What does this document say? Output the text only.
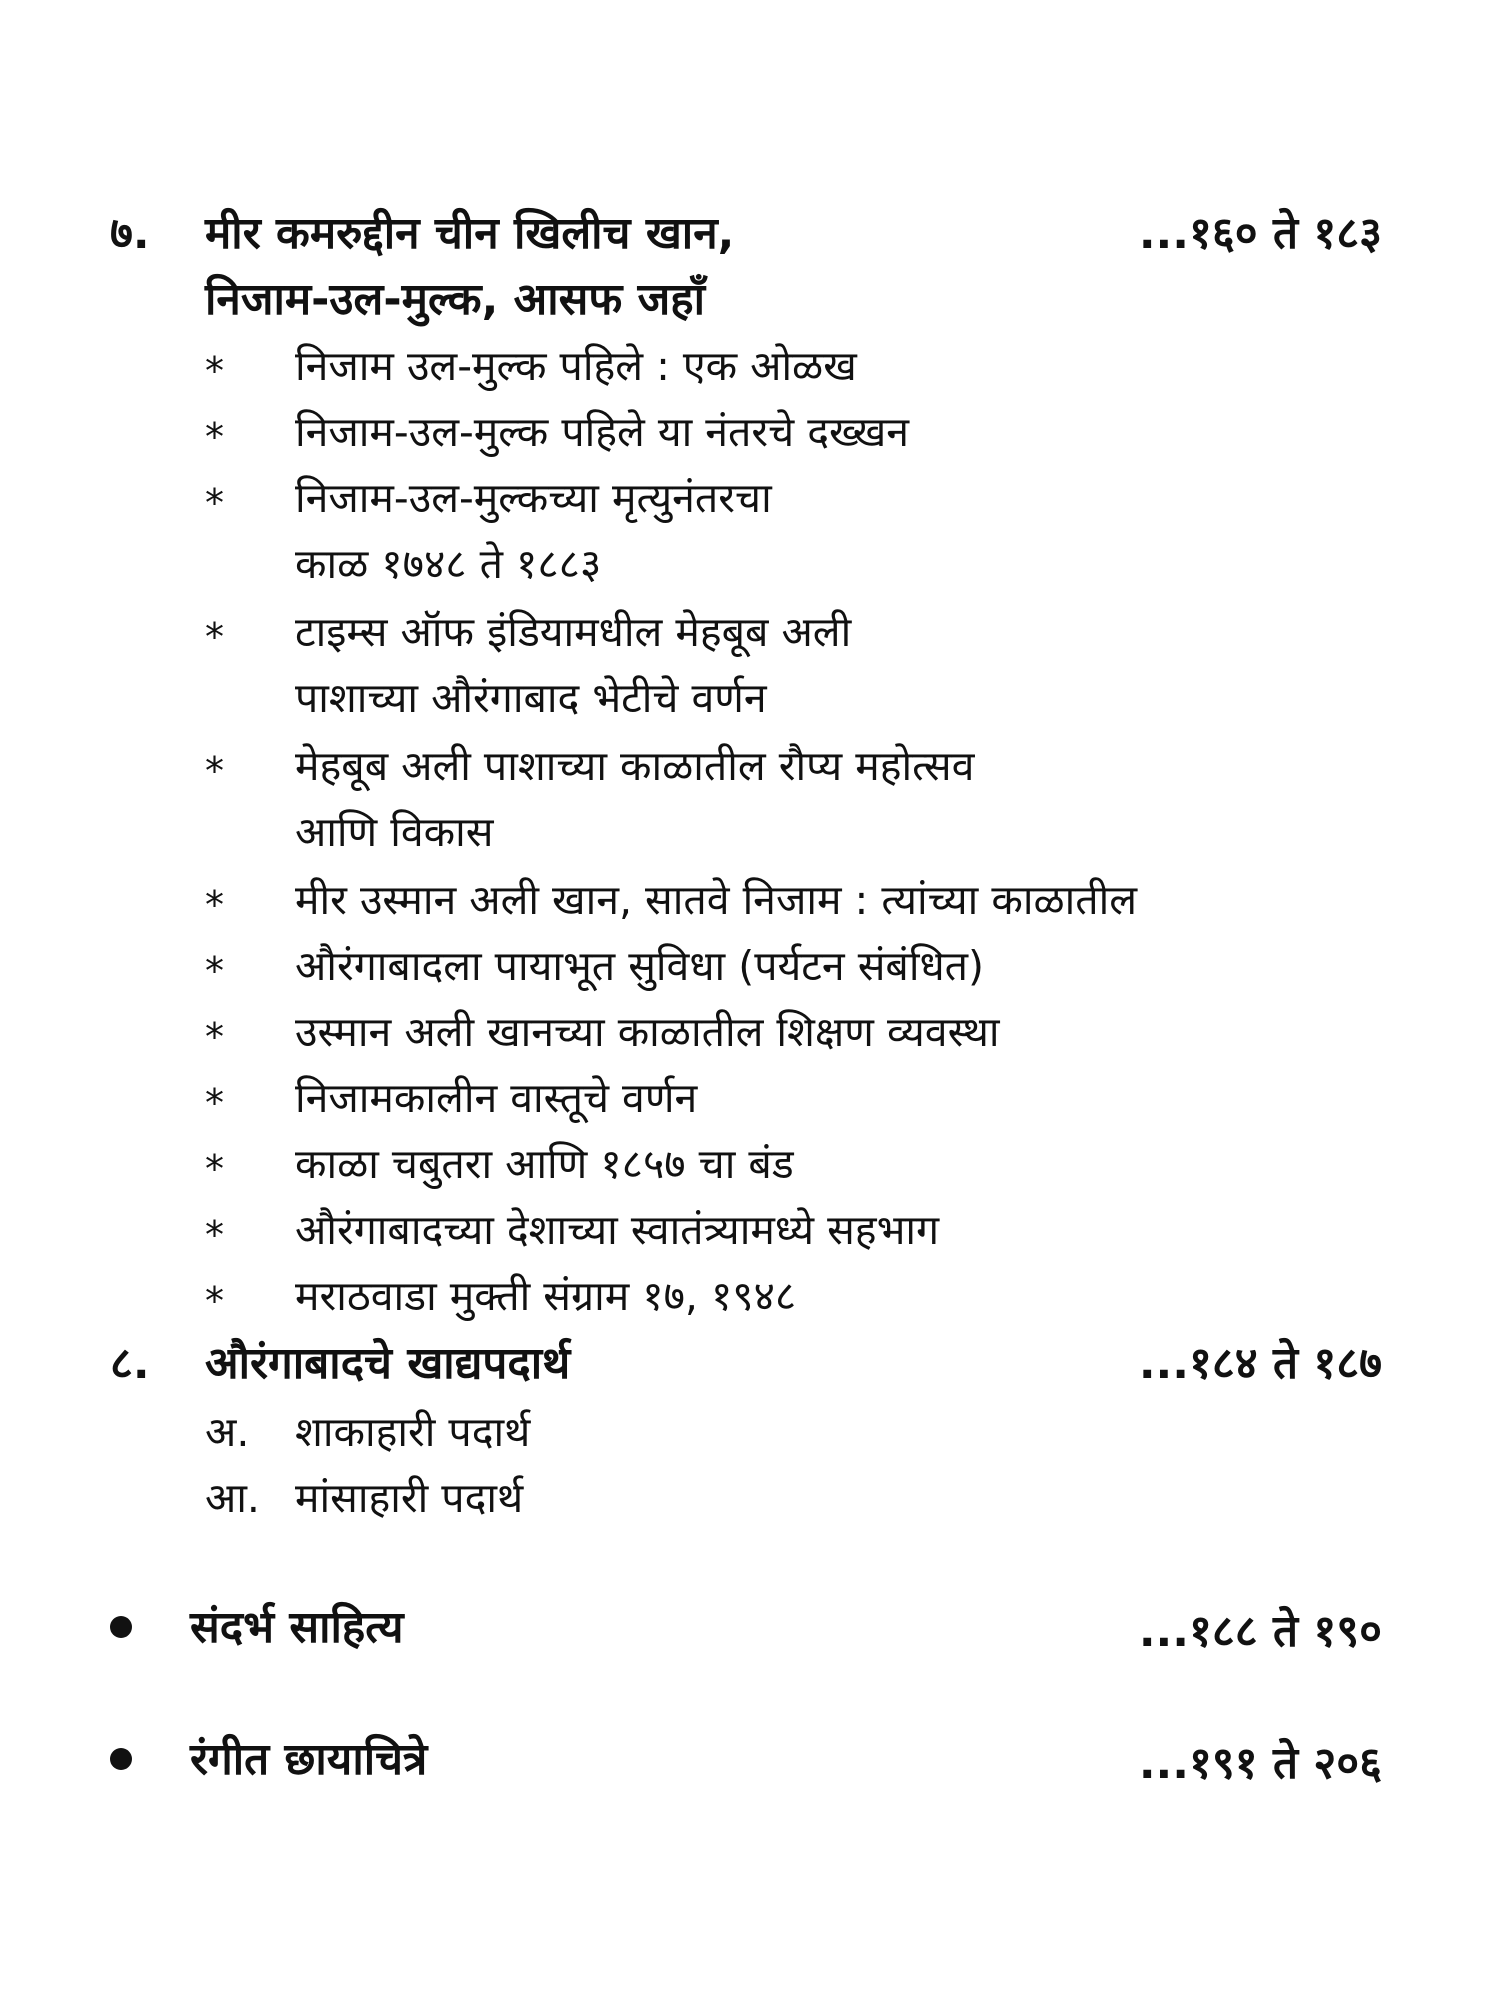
७. मीर कमरुद्दीन चीन खिलीच खान,	...१६० ते १८३
निजाम-उल-मुल्क, आसफ जहाँ
* निजाम उल-मुल्क पहिले : एक ओळख
* निजाम-उल-मुल्क पहिले या नंतरचे दख्खन
* निजाम-उल-मुल्कच्या मृत्युनंतरचा
काळ १७४८ ते १८८३
* टाइम्स ऑफ इंडियामधील मेहबूब अली
पाशाच्या औरंगाबाद भेटीचे वर्णन
* मेहबूब अली पाशाच्या काळातील रौप्य महोत्सव
आणि विकास
* मीर उस्मान अली खान, सातवे निजाम : त्यांच्या काळातील
* औरंगाबादला पायाभूत सुविधा (पर्यटन संबंधित)
* उस्मान अली खानच्या काळातील शिक्षण व्यवस्था
* निजामकालीन वास्तूचे वर्णन
* काळा चबुतरा आणि १८५७ चा बंड
* औरंगाबादच्या देशाच्या स्वातंत्र्यामध्ये सहभाग
* मराठवाडा मुक्ती संग्राम १७, १९४८
८. औरंगाबादचे खाद्यपदार्थ	...१८४ ते १८७
अ. शाकाहारी पदार्थ
आ. मांसाहारी पदार्थ
संदर्भ साहित्य	...१८८ ते १९०
रंगीत छायाचित्रे	...१९१ ते २०६
